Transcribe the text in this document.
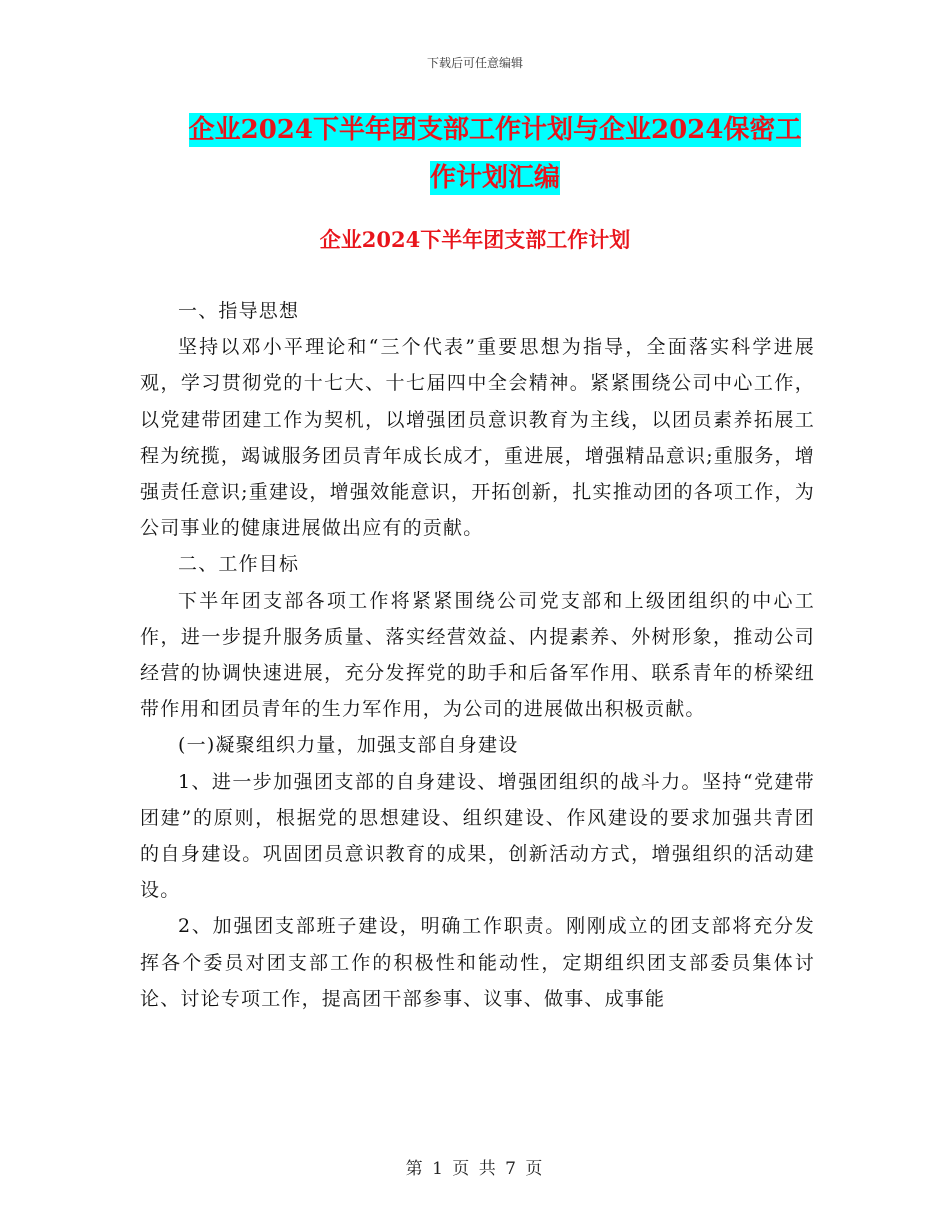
下载后可任意编辑
企业2024下半年团支部工作计划与企业2024保密工
作计划汇编
企业2024下半年团支部工作计划

一、指导思想

坚持以邓小平理论和“三个代表”重要思想为指导，全面落实科学进展观，学习贯彻党的十七大、十七届四中全会精神。紧紧围绕公司中心工作，以党建带团建工作为契机，以增强团员意识教育为主线，以团员素养拓展工程为统揽，竭诚服务团员青年成长成才，重进展，增强精品意识;重服务，增强责任意识;重建设，增强效能意识，开拓创新，扎实推动团的各项工作，为公司事业的健康进展做出应有的贡献。

二、工作目标

下半年团支部各项工作将紧紧围绕公司党支部和上级团组织的中心工作，进一步提升服务质量、落实经营效益、内提素养、外树形象，推动公司经营的协调快速进展，充分发挥党的助手和后备军作用、联系青年的桥梁纽带作用和团员青年的生力军作用，为公司的进展做出积极贡献。

(一)凝聚组织力量，加强支部自身建设

1、进一步加强团支部的自身建设、增强团组织的战斗力。坚持“党建带团建”的原则，根据党的思想建设、组织建设、作风建设的要求加强共青团的自身建设。巩固团员意识教育的成果，创新活动方式，增强组织的活动建设。

2、加强团支部班子建设，明确工作职责。刚刚成立的团支部将充分发挥各个委员对团支部工作的积极性和能动性，定期组织团支部委员集体讨论、讨论专项工作，提高团干部参事、议事、做事、成事能

第 1 页 共 7 页
